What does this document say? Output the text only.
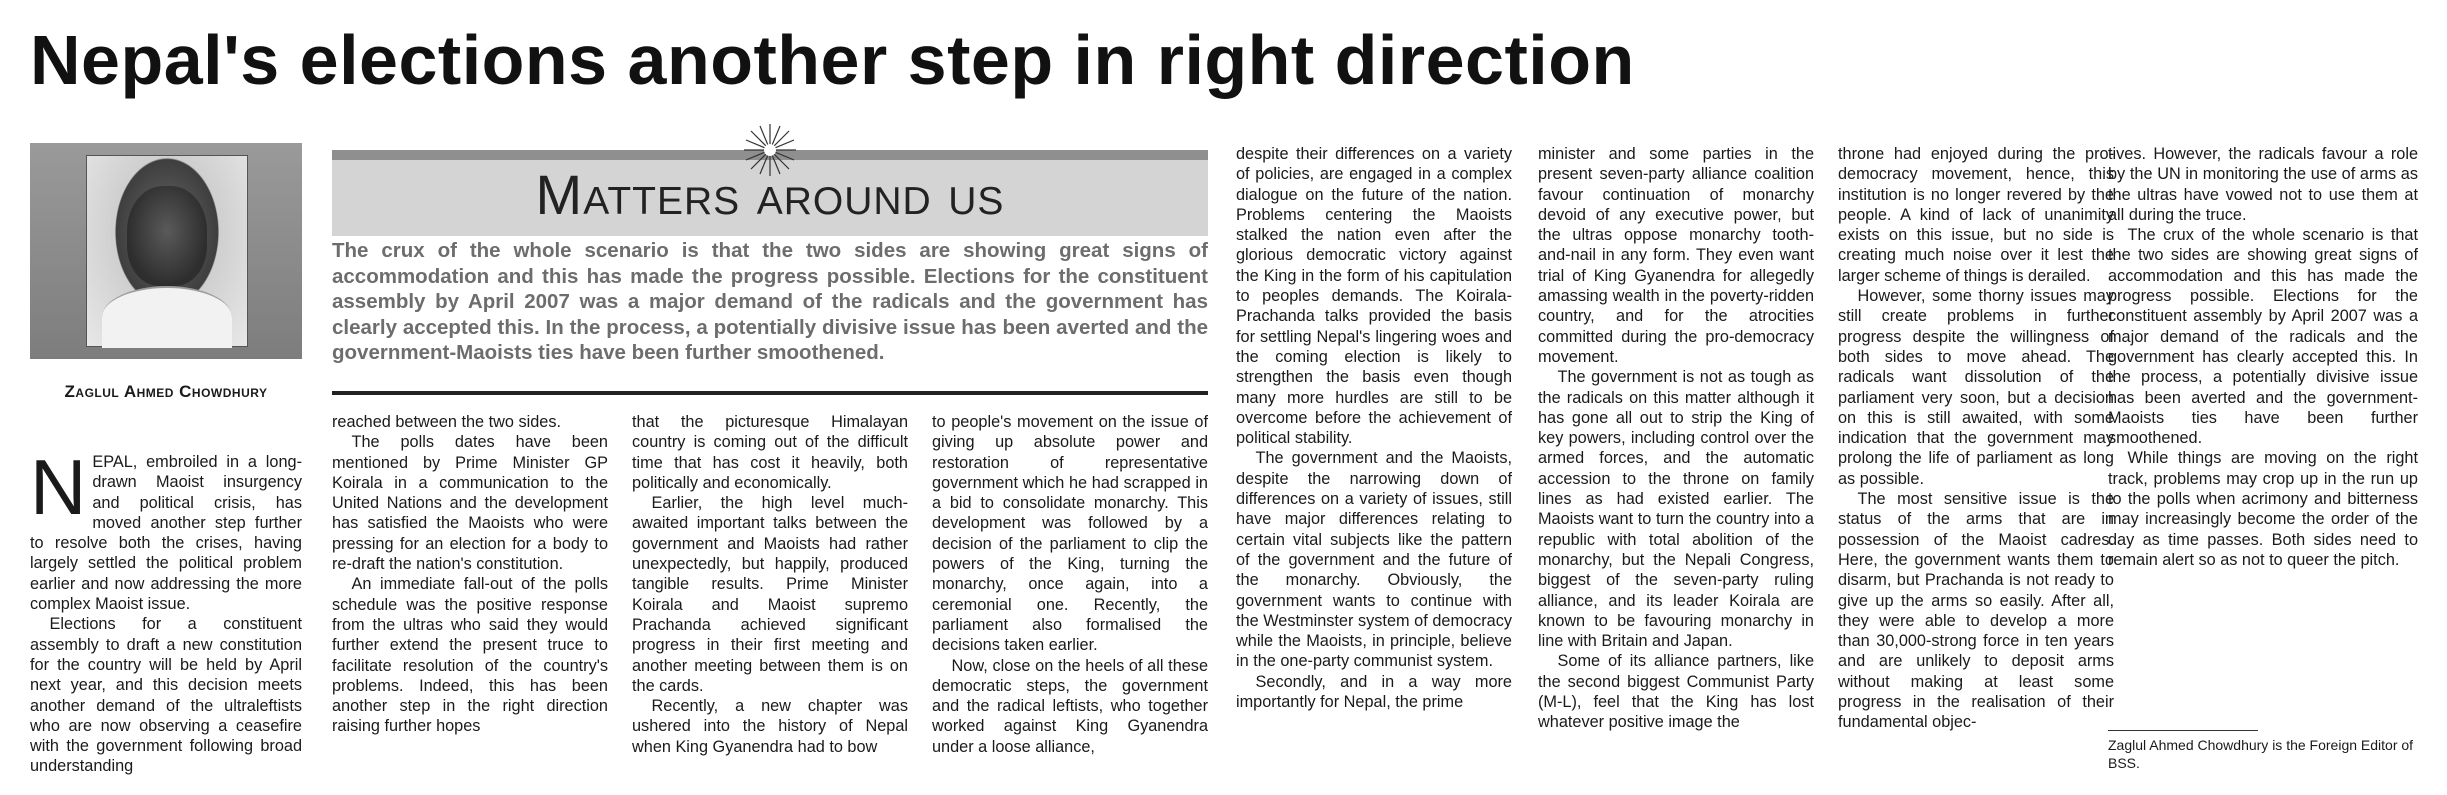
Nepal's elections another step in right direction
Zaglul Ahmed Chowdhury
Matters around us

The crux of the whole scenario is that the two sides are showing great signs of accommodation and this has made the progress possible. Elections for the constituent assembly by April 2007 was a major demand of the radicals and the government has clearly accepted this. In the process, a potentially divisive issue has been averted and the government-Maoists ties have been further smoothened.

N EPAL, embroiled in a long-drawn Maoist insurgency and political crisis, has moved another step further to resolve both the crises, having largely settled the political problem earlier and now addressing the more complex Maoist issue.

Elections for a constituent assembly to draft a new constitution for the country will be held by April next year, and this decision meets another demand of the ultraleftists who are now observing a ceasefire with the government following broad understanding

reached between the two sides.

The polls dates have been mentioned by Prime Minister GP Koirala in a communication to the United Nations and the development has satisfied the Maoists who were pressing for an election for a body to re-draft the nation's constitution.

An immediate fall-out of the polls schedule was the positive response from the ultras who said they would further extend the present truce to facilitate resolution of the country's problems. Indeed, this has been another step in the right direction raising further hopes

that the picturesque Himalayan country is coming out of the difficult time that has cost it heavily, both politically and economically.

Earlier, the high level much-awaited important talks between the government and Maoists had rather unexpectedly, but happily, produced tangible results. Prime Minister Koirala and Maoist supremo Prachanda achieved significant progress in their first meeting and another meeting between them is on the cards.

Recently, a new chapter was ushered into the history of Nepal when King Gyanendra had to bow

to people's movement on the issue of giving up absolute power and restoration of representative government which he had scrapped in a bid to consolidate monarchy. This development was followed by a decision of the parliament to clip the powers of the King, turning the monarchy, once again, into a ceremonial one. Recently, the parliament also formalised the decisions taken earlier.

Now, close on the heels of all these democratic steps, the government and the radical leftists, who together worked against King Gyanendra under a loose alliance,

despite their differences on a variety of policies, are engaged in a complex dialogue on the future of the nation. Problems centering the Maoists stalked the nation even after the glorious democratic victory against the King in the form of his capitulation to peoples demands. The Koirala-Prachanda talks provided the basis for settling Nepal's lingering woes and the coming election is likely to strengthen the basis even though many more hurdles are still to be overcome before the achievement of political stability.

The government and the Maoists, despite the narrowing down of differences on a variety of issues, still have major differences relating to certain vital subjects like the pattern of the government and the future of the monarchy. Obviously, the government wants to continue with the Westminster system of democracy while the Maoists, in principle, believe in the one-party communist system.

Secondly, and in a way more importantly for Nepal, the prime

minister and some parties in the present seven-party alliance coalition favour continuation of monarchy devoid of any executive power, but the ultras oppose monarchy tooth-and-nail in any form. They even want trial of King Gyanendra for allegedly amassing wealth in the poverty-ridden country, and for the atrocities committed during the pro-democracy movement.

The government is not as tough as the radicals on this matter although it has gone all out to strip the King of key powers, including control over the armed forces, and the automatic accession to the throne on family lines as had existed earlier. The Maoists want to turn the country into a republic with total abolition of the monarchy, but the Nepali Congress, biggest of the seven-party ruling alliance, and its leader Koirala are known to be favouring monarchy in line with Britain and Japan.

Some of its alliance partners, like the second biggest Communist Party (M-L), feel that the King has lost whatever positive image the

throne had enjoyed during the pro-democracy movement, hence, this institution is no longer revered by the people. A kind of lack of unanimity exists on this issue, but no side is creating much noise over it lest the larger scheme of things is derailed.

However, some thorny issues may still create problems in further progress despite the willingness of both sides to move ahead. The radicals want dissolution of the parliament very soon, but a decision on this is still awaited, with some indication that the government may prolong the life of parliament as long as possible.

The most sensitive issue is the status of the arms that are in possession of the Maoist cadres. Here, the government wants them to disarm, but Prachanda is not ready to give up the arms so easily. After all, they were able to develop a more than 30,000-strong force in ten years and are unlikely to deposit arms without making at least some progress in the realisation of their fundamental objec-

tives. However, the radicals favour a role by the UN in monitoring the use of arms as the ultras have vowed not to use them at all during the truce.

The crux of the whole scenario is that the two sides are showing great signs of accommodation and this has made the progress possible. Elections for the constituent assembly by April 2007 was a major demand of the radicals and the government has clearly accepted this. In the process, a potentially divisive issue has been averted and the government-Maoists ties have been further smoothened.

While things are moving on the right track, problems may crop up in the run up to the polls when acrimony and bitterness may increasingly become the order of the day as time passes. Both sides need to remain alert so as not to queer the pitch.

Zaglul Ahmed Chowdhury is the Foreign Editor of BSS.
